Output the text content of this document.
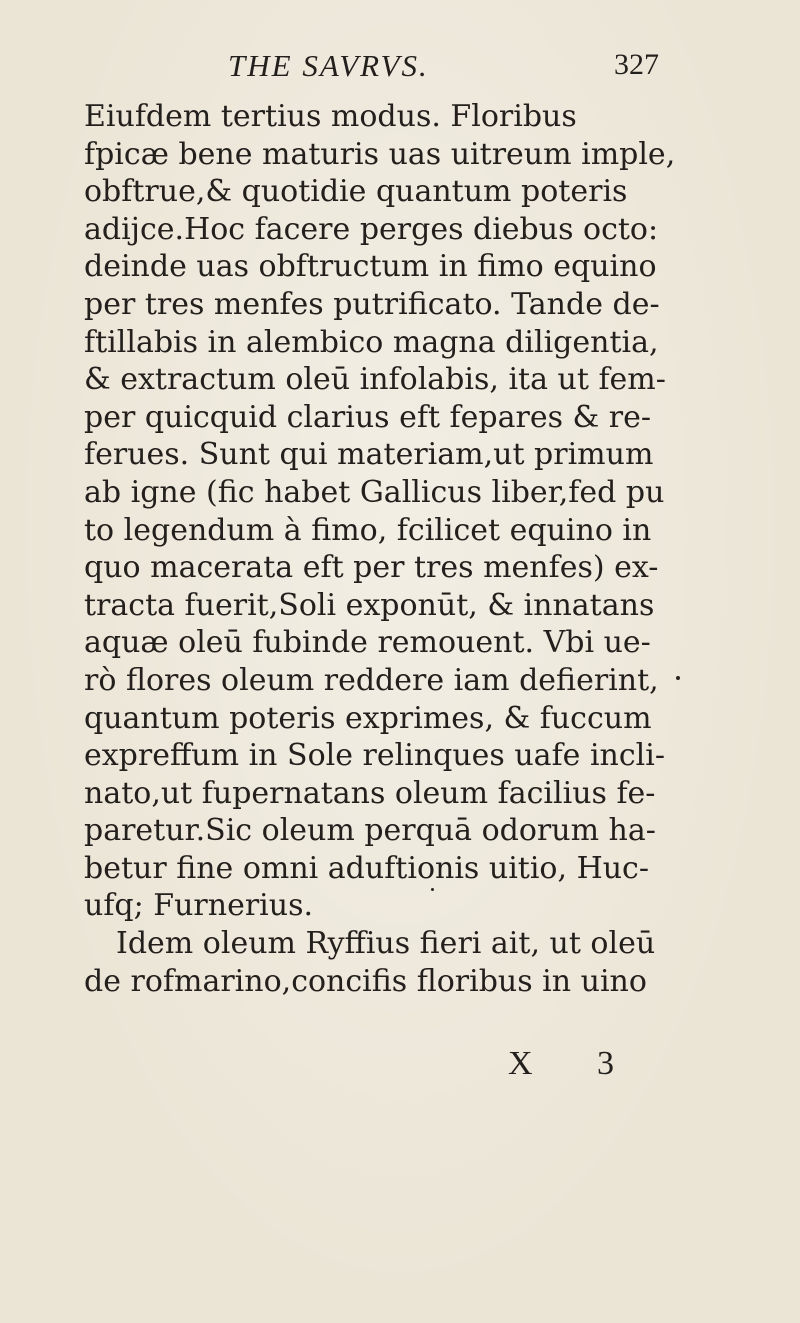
THE SAVRVS.	327
Eiufdem tertius modus. Floribus
fpicæ bene maturis uas uitreum imple,
obftrue,& quotidie quantum poteris
adijce.Hoc facere perges diebus octo:
deinde uas obftructum in fimo equino
per tres menfes putrificato. Tande de-
ftillabis in alembico magna diligentia,
& extractum oleū infolabis, ita ut fem-
per quicquid clarius eft fepares & re-
ferues. Sunt qui materiam,ut primum
ab igne (fic habet Gallicus liber,fed pu
to legendum à fimo, fcilicet equino in
quo macerata eft per tres menfes) ex-
tracta fuerit,Soli exponūt, & innatans
aquæ oleū fubinde remouent. Vbi ue-
rò flores oleum reddere iam defierint,
quantum poteris exprimes, & fuccum
expreffum in Sole relinques uafe incli-
nato,ut fupernatans oleum facilius fe-
paretur.Sic oleum perquā odorum ha-
betur fine omni aduftionis uitio, Huc-
ufq; Furnerius.
Idem oleum Ryffius fieri ait, ut oleū
de rofmarino,concifis floribus in uino
X 3
